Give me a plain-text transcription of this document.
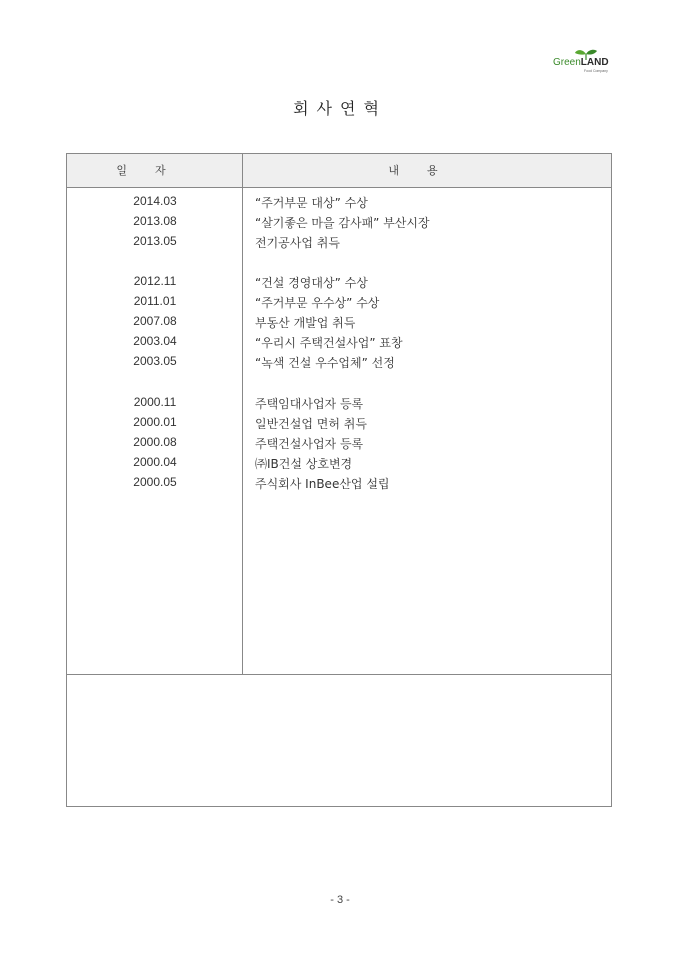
GreenLAND
Food Company
회사연혁
일자	내용
2014.03	“주거부문 대상” 수상
2013.08	“살기좋은 마을 감사패” 부산시장
2013.05	전기공사업 취득
2012.11	“건설 경영대상” 수상
2011.01	“주거부문 우수상” 수상
2007.08	부동산 개발업 취득
2003.04	“우리시 주택건설사업” 표창
2003.05	“녹색 건설 우수업체” 선정
2000.11	주택임대사업자 등록
2000.01	일반건설업 면허 취득
2000.08	주택건설사업자 등록
2000.04	㈜IB건설 상호변경
2000.05	주식회사 InBee산업 설립
- 3 -
